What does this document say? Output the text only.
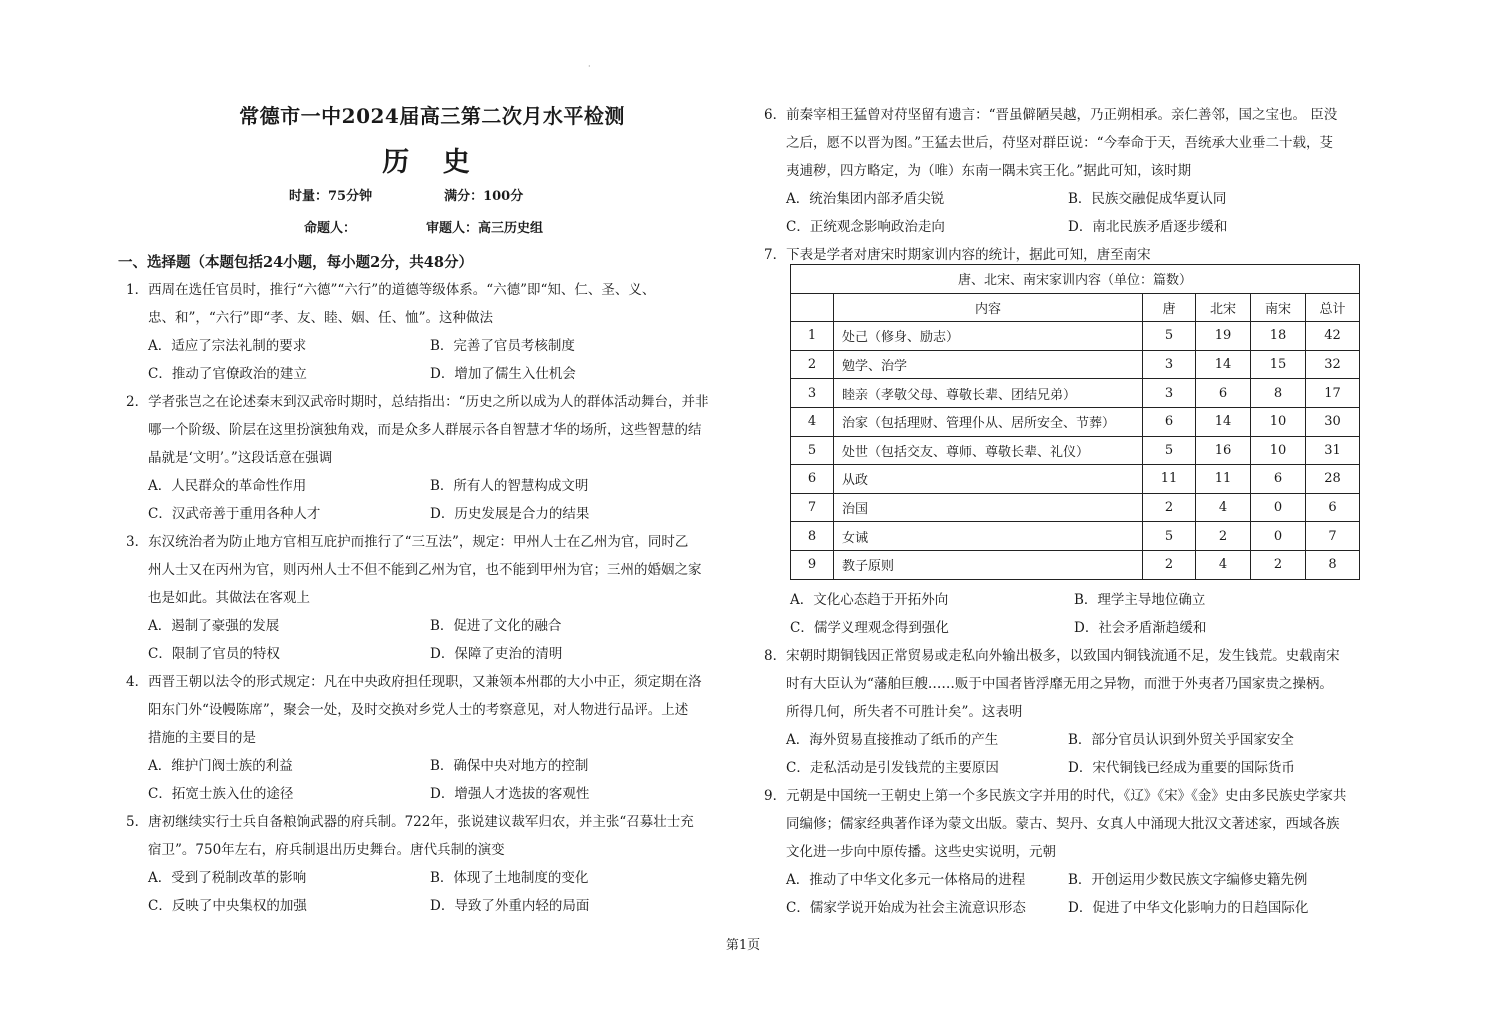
·
常德市一中2024届高三第二次月水平检测
历 史
时量：75分钟	满分：100分
命题人：	审题人：高三历史组
一、选择题（本题包括24小题，每小题2分，共48分）
1．西周在选任官员时，推行“六德”“六行”的道德等级体系。“六德”即“知、仁、圣、义、
忠、和”，“六行”即“孝、友、睦、姻、任、恤”。这种做法
A．适应了宗法礼制的要求	B．完善了官员考核制度
C．推动了官僚政治的建立	D．增加了儒生入仕机会
2．学者张岂之在论述秦末到汉武帝时期时，总结指出：“历史之所以成为人的群体活动舞台，并非
哪一个阶级、阶层在这里扮演独角戏，而是众多人群展示各自智慧才华的场所，这些智慧的结
晶就是‘文明’。”这段话意在强调
A．人民群众的革命性作用	B．所有人的智慧构成文明
C．汉武帝善于重用各种人才	D．历史发展是合力的结果
3．东汉统治者为防止地方官相互庇护而推行了“三互法”，规定：甲州人士在乙州为官，同时乙
州人士又在丙州为官，则丙州人士不但不能到乙州为官，也不能到甲州为官；三州的婚姻之家
也是如此。其做法在客观上
A．遏制了豪强的发展	B．促进了文化的融合
C．限制了官员的特权	D．保障了吏治的清明
4．西晋王朝以法令的形式规定：凡在中央政府担任现职，又兼领本州郡的大小中正，须定期在洛
阳东门外“设幔陈席”，聚会一处，及时交换对乡党人士的考察意见，对人物进行品评。上述
措施的主要目的是
A．维护门阀士族的利益	B．确保中央对地方的控制
C．拓宽士族入仕的途径	D．增强人才选拔的客观性
5．唐初继续实行士兵自备粮饷武器的府兵制。722年，张说建议裁军归农，并主张“召募壮士充
宿卫”。750年左右，府兵制退出历史舞台。唐代兵制的演变
A．受到了税制改革的影响	B．体现了土地制度的变化
C．反映了中央集权的加强	D．导致了外重内轻的局面
6．前秦宰相王猛曾对苻坚留有遗言：“晋虽僻陋吴越，乃正朔相承。亲仁善邻，国之宝也。 臣没
之后，愿不以晋为图。”王猛去世后，苻坚对群臣说：“今奉命于天，吾统承大业垂二十载，芟
夷逋秽，四方略定，为（唯）东南一隅未宾王化。”据此可知，该时期
A．统治集团内部矛盾尖锐	B．民族交融促成华夏认同
C．正统观念影响政治走向	D．南北民族矛盾逐步缓和
7．下表是学者对唐宋时期家训内容的统计，据此可知，唐至南宋
唐、北宋、南宋家训内容（单位：篇数）					
	内容	唐	北宋	南宋	总计
1	处己（修身、励志）	5	19	18	42
2	勉学、治学	3	14	15	32
3	睦亲（孝敬父母、尊敬长辈、团结兄弟）	3	6	8	17
4	治家（包括理财、管理仆从、居所安全、节葬）	6	14	10	30
5	处世（包括交友、尊师、尊敬长辈、礼仪）	5	16	10	31
6	从政	11	11	6	28
7	治国	2	4	0	6
8	女诫	5	2	0	7
9	教子原则	2	4	2	8
A．文化心态趋于开拓外向	B．理学主导地位确立
C．儒学义理观念得到强化	D．社会矛盾渐趋缓和
8．宋朝时期铜钱因正常贸易或走私向外输出极多，以致国内铜钱流通不足，发生钱荒。史载南宋
时有大臣认为“藩舶巨艘……贩于中国者皆浮靡无用之异物，而泄于外夷者乃国家贵之操柄。
所得几何，所失者不可胜计矣”。这表明
A．海外贸易直接推动了纸币的产生	B．部分官员认识到外贸关乎国家安全
C．走私活动是引发钱荒的主要原因	D．宋代铜钱已经成为重要的国际货币
9．元朝是中国统一王朝史上第一个多民族文字并用的时代，《辽》《宋》《金》史由多民族史学家共
同编修；儒家经典著作译为蒙文出版。蒙古、契丹、女真人中涌现大批汉文著述家，西域各族
文化进一步向中原传播。这些史实说明，元朝
A．推动了中华文化多元一体格局的进程	B．开创运用少数民族文字编修史籍先例
C．儒家学说开始成为社会主流意识形态	D．促进了中华文化影响力的日趋国际化
第1页
